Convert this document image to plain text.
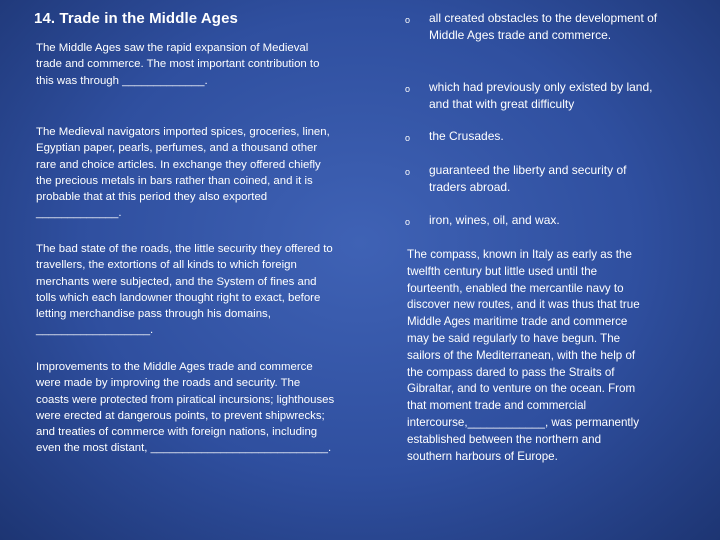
14. Trade in the Middle Ages

The Middle Ages saw the rapid expansion of Medieval trade and commerce. The most important contribution to this was through _____________.

The Medieval navigators imported spices, groceries, linen, Egyptian paper, pearls, perfumes, and a thousand other rare and choice articles. In exchange they offered chiefly the precious metals in bars rather than coined, and it is probable that at this period they also exported _____________.

The bad state of the roads, the little security they offered to travellers, the extortions of all kinds to which foreign merchants were subjected, and the System of fines and tolls which each landowner thought right to exact, before letting merchandise pass through his domains, __________________.

Improvements to the Middle Ages trade and commerce were made by improving the roads and security. The coasts were protected from piratical incursions; lighthouses were erected at dangerous points, to prevent shipwrecks; and treaties of commerce with foreign nations, including even the most distant, ____________________________.

o all created obstacles to the development of Middle Ages trade and commerce.
o which had previously only existed by land, and that with great difficulty
o the Crusades.
o guaranteed the liberty and security of traders abroad.
o iron, wines, oil, and wax.

The compass, known in Italy as early as the twelfth century but little used until the fourteenth, enabled the mercantile navy to discover new routes, and it was thus that true Middle Ages maritime trade and commerce may be said regularly to have begun. The sailors of the Mediterranean, with the help of the compass dared to pass the Straits of Gibraltar, and to venture on the ocean. From that moment trade and commercial intercourse,____________, was permanently established between the northern and southern harbours of Europe.
